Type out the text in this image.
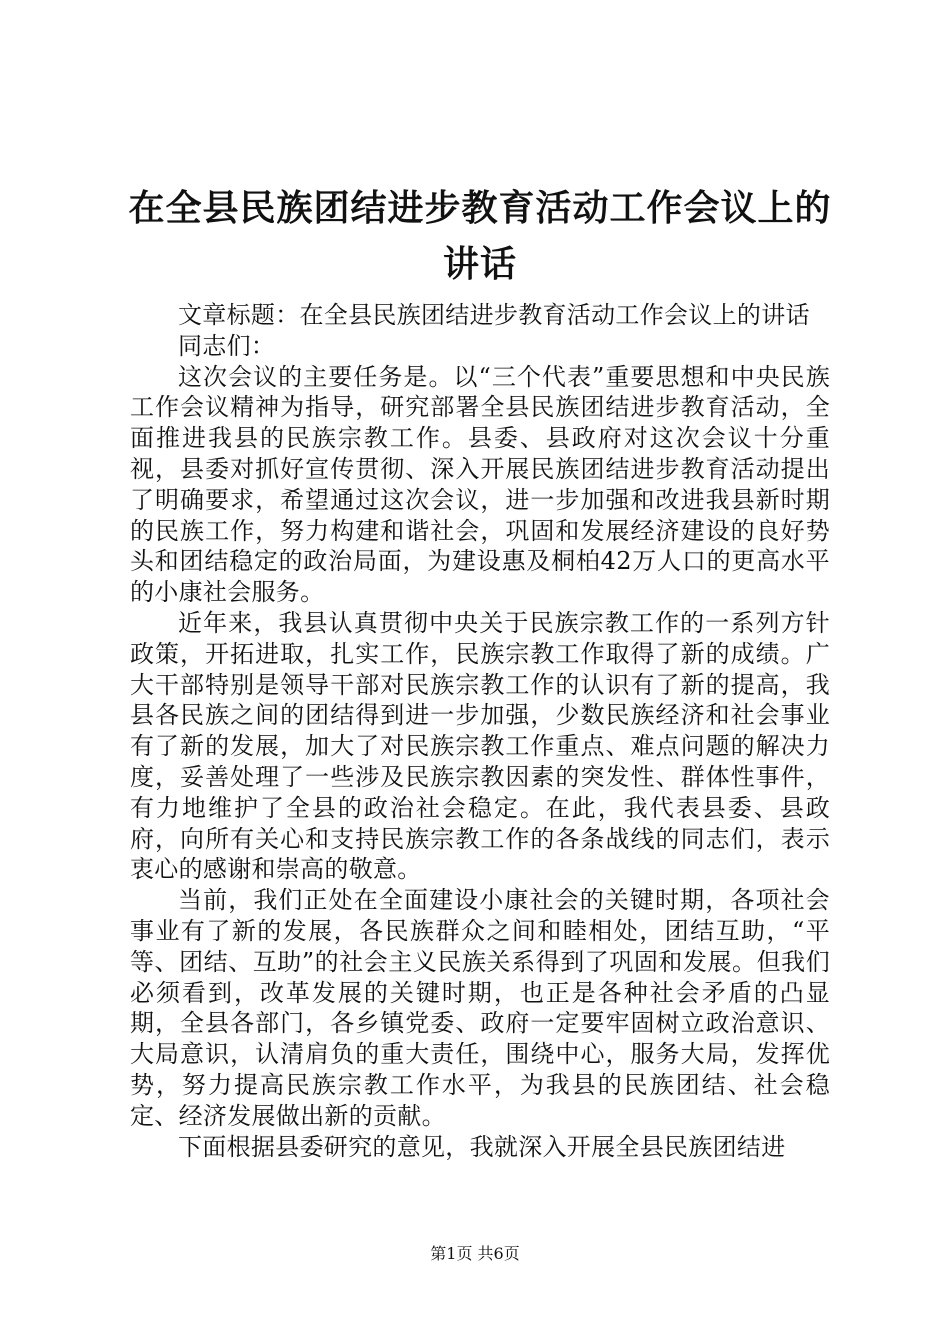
在全县民族团结进步教育活动工作会议上的讲话

文章标题：在全县民族团结进步教育活动工作会议上的讲话

同志们：

这次会议的主要任务是。以“三个代表”重要思想和中央民族工作会议精神为指导，研究部署全县民族团结进步教育活动，全面推进我县的民族宗教工作。县委、县政府对这次会议十分重视，县委对抓好宣传贯彻、深入开展民族团结进步教育活动提出了明确要求，希望通过这次会议，进一步加强和改进我县新时期的民族工作，努力构建和谐社会，巩固和发展经济建设的良好势头和团结稳定的政治局面，为建设惠及桐柏42万人口的更高水平的小康社会服务。

近年来，我县认真贯彻中央关于民族宗教工作的一系列方针政策，开拓进取，扎实工作，民族宗教工作取得了新的成绩。广大干部特别是领导干部对民族宗教工作的认识有了新的提高，我县各民族之间的团结得到进一步加强，少数民族经济和社会事业有了新的发展，加大了对民族宗教工作重点、难点问题的解决力度，妥善处理了一些涉及民族宗教因素的突发性、群体性事件，有力地维护了全县的政治社会稳定。在此，我代表县委、县政府，向所有关心和支持民族宗教工作的各条战线的同志们，表示衷心的感谢和崇高的敬意。

当前，我们正处在全面建设小康社会的关键时期，各项社会事业有了新的发展，各民族群众之间和睦相处，团结互助，“平等、团结、互助”的社会主义民族关系得到了巩固和发展。但我们必须看到，改革发展的关键时期，也正是各种社会矛盾的凸显期，全县各部门，各乡镇党委、政府一定要牢固树立政治意识、大局意识，认清肩负的重大责任，围绕中心，服务大局，发挥优势，努力提高民族宗教工作水平，为我县的民族团结、社会稳定、经济发展做出新的贡献。

下面根据县委研究的意见，我就深入开展全县民族团结进

第1页 共6页
